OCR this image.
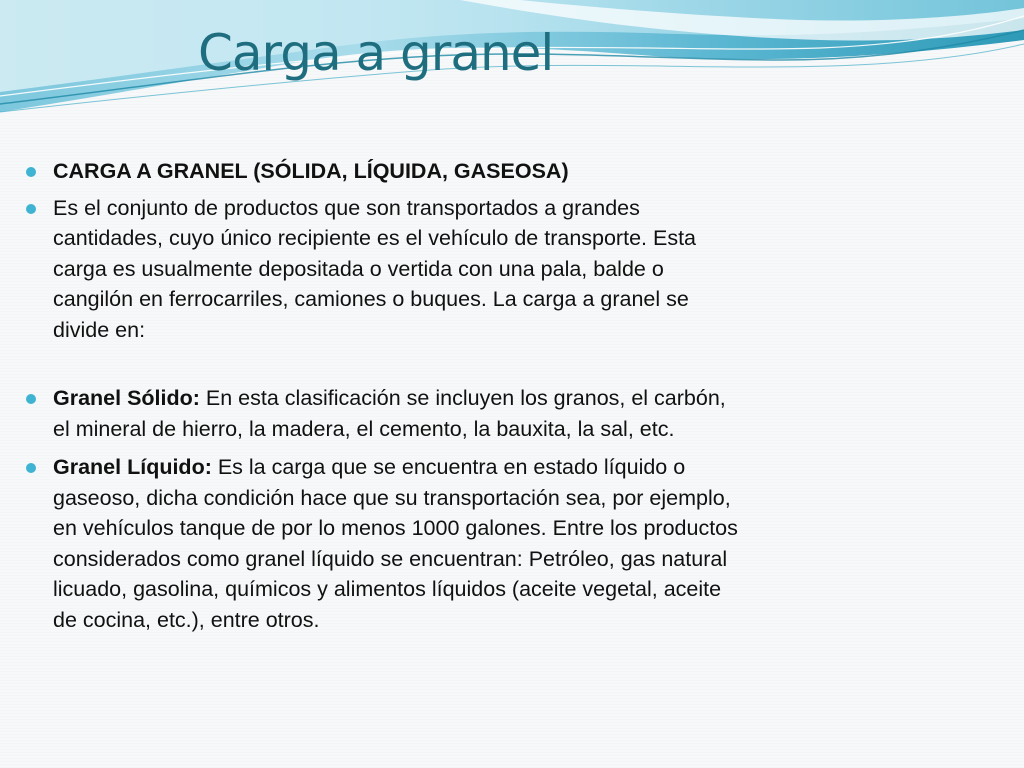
Carga a granel
CARGA A GRANEL (SÓLIDA, LÍQUIDA, GASEOSA)
Es el conjunto de productos que son transportados a grandes cantidades, cuyo único recipiente es el vehículo de transporte. Esta carga es usualmente depositada o vertida con una pala, balde o cangilón en ferrocarriles, camiones o buques. La carga a granel se divide en:
Granel Sólido: En esta clasificación se incluyen los granos, el carbón, el mineral de hierro, la madera, el cemento, la bauxita, la sal, etc.
Granel Líquido: Es la carga que se encuentra en estado líquido o gaseoso, dicha condición hace que su transportación sea, por ejemplo, en vehículos tanque de por lo menos 1000 galones. Entre los productos considerados como granel líquido se encuentran: Petróleo, gas natural licuado, gasolina, químicos y alimentos líquidos (aceite vegetal, aceite de cocina, etc.), entre otros.
